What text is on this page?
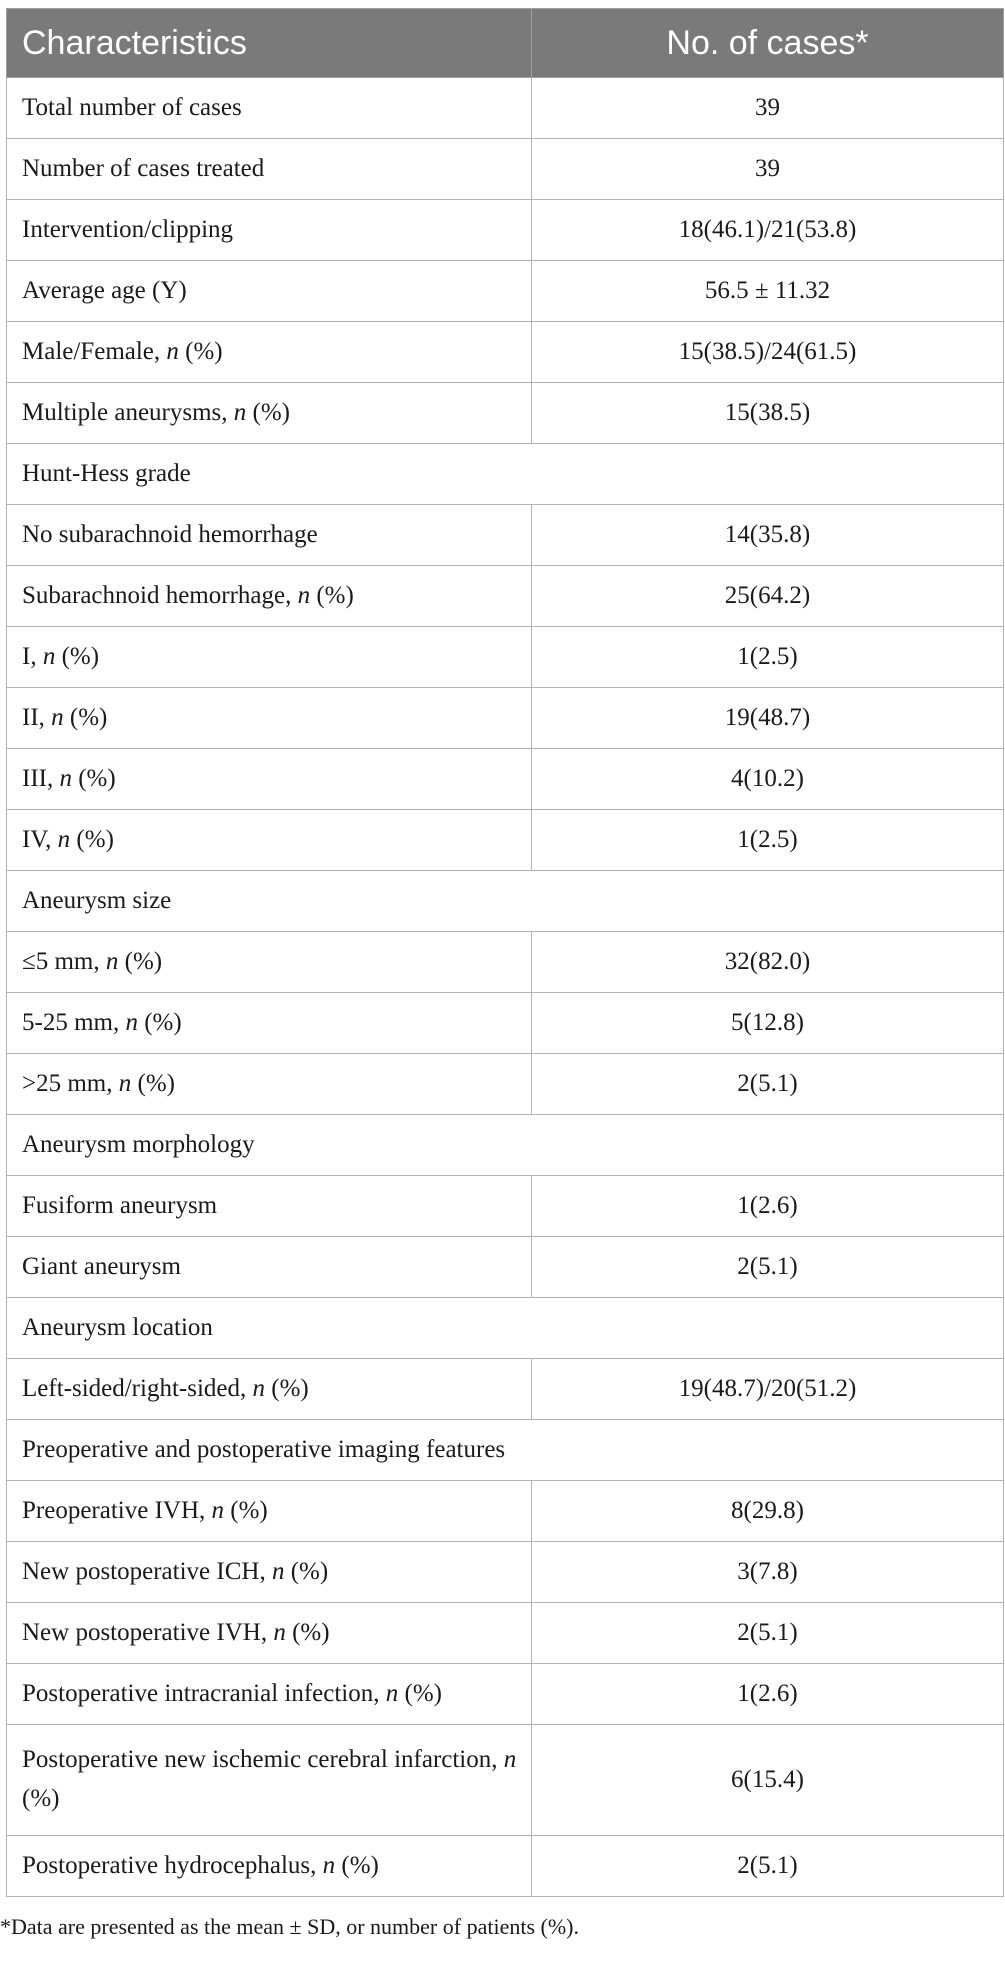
Characteristics	No. of cases*
Total number of cases	39
Number of cases treated	39
Intervention/clipping	18(46.1)/21(53.8)
Average age (Y)	56.5 ± 11.32
Male/Female, n (%)	15(38.5)/24(61.5)
Multiple aneurysms, n (%)	15(38.5)
Hunt-Hess grade	
No subarachnoid hemorrhage	14(35.8)
Subarachnoid hemorrhage, n (%)	25(64.2)
I, n (%)	1(2.5)
II, n (%)	19(48.7)
III, n (%)	4(10.2)
IV, n (%)	1(2.5)
Aneurysm size	
≤5 mm, n (%)	32(82.0)
5-25 mm, n (%)	5(12.8)
>25 mm, n (%)	2(5.1)
Aneurysm morphology	
Fusiform aneurysm	1(2.6)
Giant aneurysm	2(5.1)
Aneurysm location	
Left-sided/right-sided, n (%)	19(48.7)/20(51.2)
Preoperative and postoperative imaging features	
Preoperative IVH, n (%)	8(29.8)
New postoperative ICH, n (%)	3(7.8)
New postoperative IVH, n (%)	2(5.1)
Postoperative intracranial infection, n (%)	1(2.6)
Postoperative new ischemic cerebral infarction, n (%)	6(15.4)
Postoperative hydrocephalus, n (%)	2(5.1)
*Data are presented as the mean ± SD, or number of patients (%).
